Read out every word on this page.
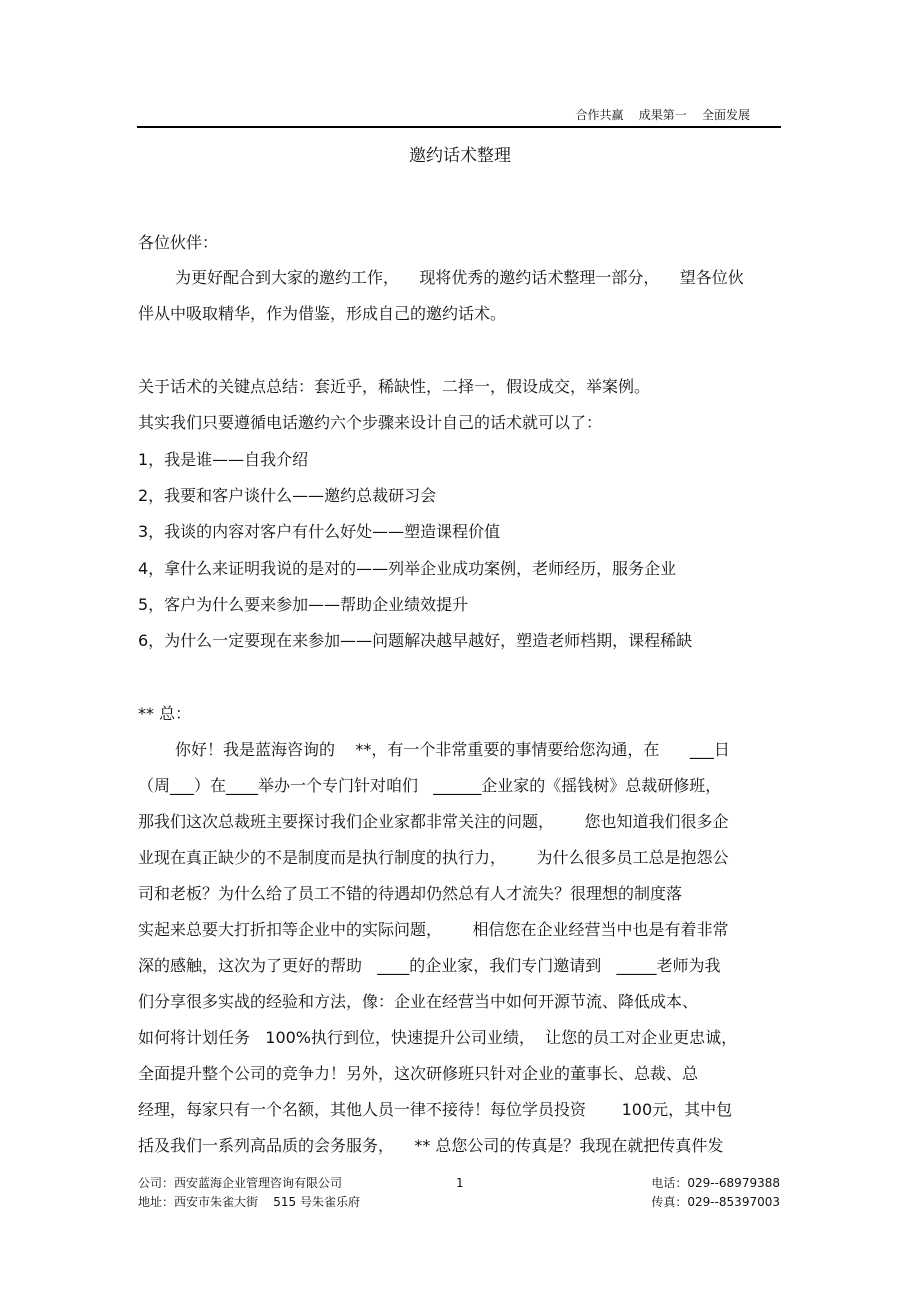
合作共赢    成果第一    全面发展
邀约话术整理
各位伙伴：
为更好配合到大家的邀约工作，    现将优秀的邀约话术整理一部分，    望各位伙
伴从中吸取精华，作为借鉴，形成自己的邀约话术。
关于话术的关键点总结：套近乎，稀缺性，二择一，假设成交，举案例。
其实我们只要遵循电话邀约六个步骤来设计自己的话术就可以了：
1，我是谁——自我介绍
2，我要和客户谈什么——邀约总裁研习会
3，我谈的内容对客户有什么好处——塑造课程价值
4，拿什么来证明我说的是对的——列举企业成功案例，老师经历，服务企业
5，客户为什么要来参加——帮助企业绩效提升
6，为什么一定要现在来参加——问题解决越早越好，塑造老师档期，课程稀缺
** 总：
你好！我是蓝海咨询的    **，有一个非常重要的事情要给您沟通，在      ___日
（周___）在____举办一个专门针对咱们   ______企业家的《摇钱树》总裁研修班，
那我们这次总裁班主要探讨我们企业家都非常关注的问题，      您也知道我们很多企
业现在真正缺少的不是制度而是执行制度的执行力，      为什么很多员工总是抱怨公
司和老板？为什么给了员工不错的待遇却仍然总有人才流失？很理想的制度落
实起来总要大打折扣等企业中的实际问题，      相信您在企业经营当中也是有着非常
深的感触，这次为了更好的帮助   ____的企业家，我们专门邀请到   _____老师为我
们分享很多实战的经验和方法，像：企业在经营当中如何开源节流、降低成本、
如何将计划任务   100%执行到位，快速提升公司业绩，  让您的员工对企业更忠诚，
全面提升整个公司的竞争力！另外，这次研修班只针对企业的董事长、总裁、总
经理，每家只有一个名额，其他人员一律不接待！每位学员投资       100元，其中包
括及我们一系列高品质的会务服务，    ** 总您公司的传真是？我现在就把传真件发
公司：西安蓝海企业管理咨询有限公司
地址：西安市朱雀大街    515 号朱雀乐府
1	电话：029--68979388
传真：029--85397003
